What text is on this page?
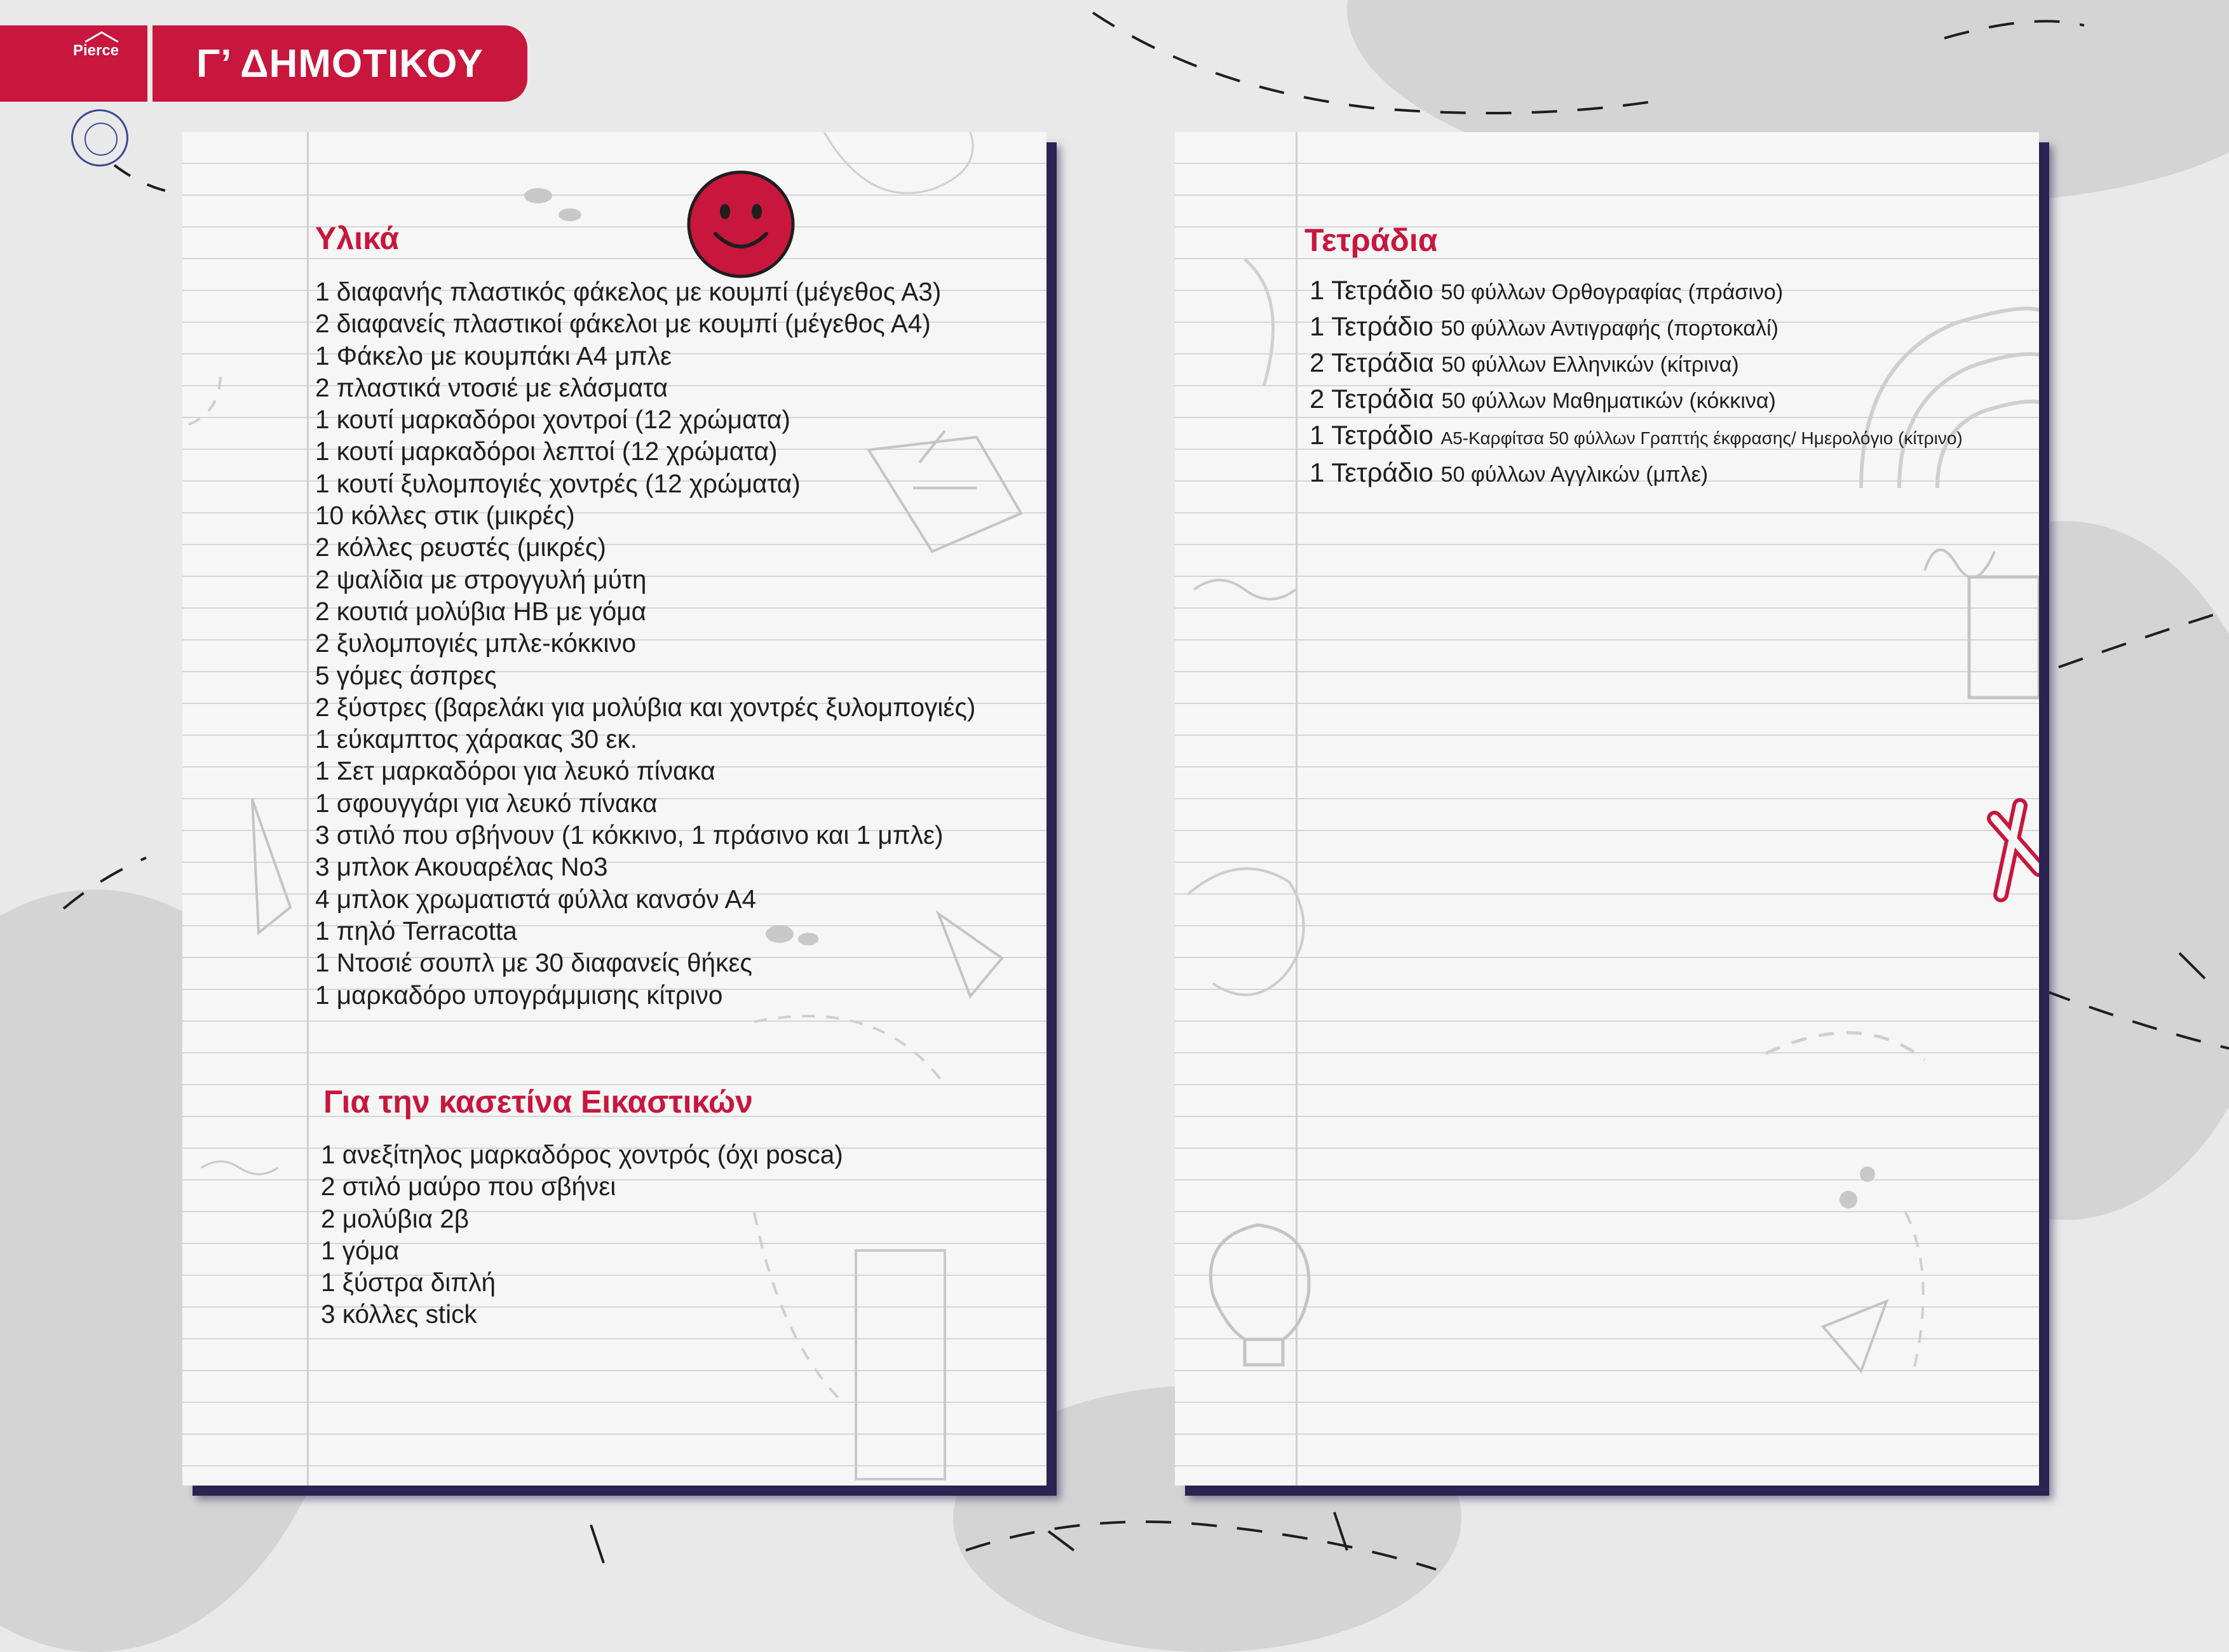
Pierce	Γ’ ΔΗΜΟΤΙΚΟΥ
Υλικά
1 διαφανής πλαστικός φάκελος με κουμπί (μέγεθος Α3)
2 διαφανείς πλαστικοί φάκελοι με κουμπί (μέγεθος Α4)
1 Φάκελο με κουμπάκι Α4 μπλε
2 πλαστικά ντοσιέ με ελάσματα
1 κουτί μαρκαδόροι χοντροί (12 χρώματα)
1 κουτί μαρκαδόροι λεπτοί (12 χρώματα)
1 κουτί ξυλομπογιές χοντρές (12 χρώματα)
10 κόλλες στικ (μικρές)
2 κόλλες ρευστές (μικρές)
2 ψαλίδια με στρογγυλή μύτη
2 κουτιά μολύβια ΗΒ με γόμα
2 ξυλομπογιές μπλε-κόκκινο
5 γόμες άσπρες
2 ξύστρες (βαρελάκι για μολύβια και χοντρές ξυλομπογιές)
1 εύκαμπτος χάρακας 30 εκ.
1 Σετ μαρκαδόροι για λευκό πίνακα
1 σφουγγάρι για λευκό πίνακα
3 στιλό που σβήνουν (1 κόκκινο, 1 πράσινο και 1 μπλε)
3 μπλοκ Ακουαρέλας Νο3
4 μπλοκ χρωματιστά φύλλα κανσόν Α4
1 πηλό Terracotta
1 Ντοσιέ σουπλ με 30 διαφανείς θήκες
1 μαρκαδόρο υπογράμμισης κίτρινο
Για την κασετίνα Εικαστικών
1 ανεξίτηλος μαρκαδόρος χοντρός (όχι posca)
2 στιλό μαύρο που σβήνει
2 μολύβια 2β
1 γόμα
1 ξύστρα διπλή
3 κόλλες stick
Τετράδια
1 Τετράδιο 50 φύλλων Ορθογραφίας (πράσινο)
1 Τετράδιο 50 φύλλων Αντιγραφής (πορτοκαλί)
2 Τετράδια 50 φύλλων Ελληνικών (κίτρινα)
2 Τετράδια 50 φύλλων Μαθηματικών (κόκκινα)
1 Τετράδιο Α5-Καρφίτσα 50 φύλλων Γραπτής έκφρασης/ Ημερολόγιο (κίτρινο)
1 Τετράδιο 50 φύλλων Αγγλικών (μπλε)
